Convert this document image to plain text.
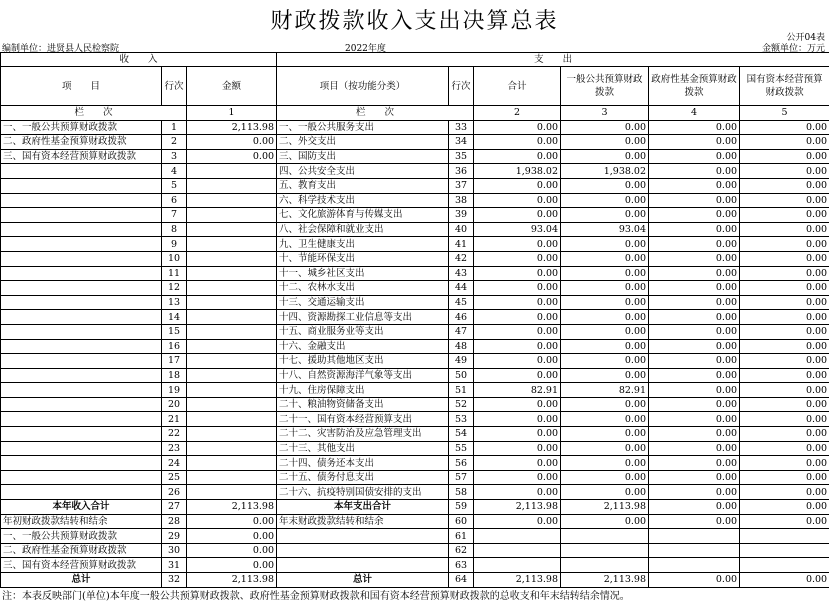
财政拨款收入支出决算总表
公开04表
编制单位：进贤县人民检察院	2022年度	金额单位：万元
收　　入			支　　出					
项　　目	行次	金额	项目（按功能分类）	行次	合计	一般公共预算财政拨款	政府性基金预算财政拨款	国有资本经营预算财政拨款
栏　　次		1	栏　　次		2	3	4	5
一、一般公共预算财政拨款	1	2,113.98	一、一般公共服务支出	33	0.00	0.00	0.00	0.00
二、政府性基金预算财政拨款	2	0.00	二、外交支出	34	0.00	0.00	0.00	0.00
三、国有资本经营预算财政拨款	3	0.00	三、国防支出	35	0.00	0.00	0.00	0.00
	4		四、公共安全支出	36	1,938.02	1,938.02	0.00	0.00
	5		五、教育支出	37	0.00	0.00	0.00	0.00
	6		六、科学技术支出	38	0.00	0.00	0.00	0.00
	7		七、文化旅游体育与传媒支出	39	0.00	0.00	0.00	0.00
	8		八、社会保障和就业支出	40	93.04	93.04	0.00	0.00
	9		九、卫生健康支出	41	0.00	0.00	0.00	0.00
	10		十、节能环保支出	42	0.00	0.00	0.00	0.00
	11		十一、城乡社区支出	43	0.00	0.00	0.00	0.00
	12		十二、农林水支出	44	0.00	0.00	0.00	0.00
	13		十三、交通运输支出	45	0.00	0.00	0.00	0.00
	14		十四、资源勘探工业信息等支出	46	0.00	0.00	0.00	0.00
	15		十五、商业服务业等支出	47	0.00	0.00	0.00	0.00
	16		十六、金融支出	48	0.00	0.00	0.00	0.00
	17		十七、援助其他地区支出	49	0.00	0.00	0.00	0.00
	18		十八、自然资源海洋气象等支出	50	0.00	0.00	0.00	0.00
	19		十九、住房保障支出	51	82.91	82.91	0.00	0.00
	20		二十、粮油物资储备支出	52	0.00	0.00	0.00	0.00
	21		二十一、国有资本经营预算支出	53	0.00	0.00	0.00	0.00
	22		二十二、灾害防治及应急管理支出	54	0.00	0.00	0.00	0.00
	23		二十三、其他支出	55	0.00	0.00	0.00	0.00
	24		二十四、债务还本支出	56	0.00	0.00	0.00	0.00
	25		二十五、债务付息支出	57	0.00	0.00	0.00	0.00
	26		二十六、抗疫特别国债安排的支出	58	0.00	0.00	0.00	0.00
本年收入合计	27	2,113.98	本年支出合计	59	2,113.98	2,113.98	0.00	0.00
年初财政拨款结转和结余	28	0.00	年末财政拨款结转和结余	60	0.00	0.00	0.00	0.00
一、一般公共预算财政拨款	29	0.00		61				
二、政府性基金预算财政拨款	30	0.00		62				
三、国有资本经营预算财政拨款	31	0.00		63				
总计	32	2,113.98	总计	64	2,113.98	2,113.98	0.00	0.00
注：本表反映部门(单位)本年度一般公共预算财政拨款、政府性基金预算财政拨款和国有资本经营预算财政拨款的总收支和年末结转结余情况。
